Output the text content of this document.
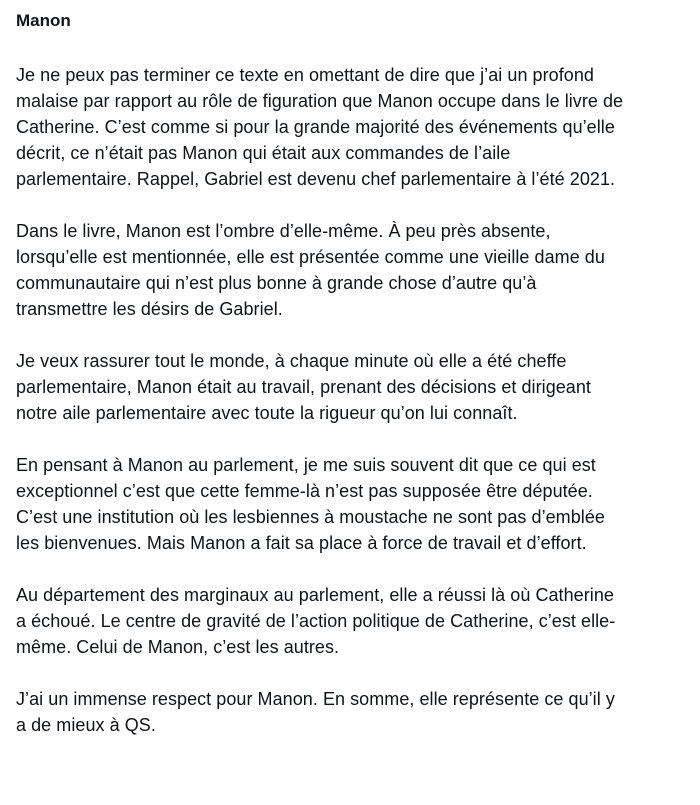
Manon

Je ne peux pas terminer ce texte en omettant de dire que j’ai un profond
malaise par rapport au rôle de figuration que Manon occupe dans le livre de
Catherine. C’est comme si pour la grande majorité des événements qu’elle
décrit, ce n’était pas Manon qui était aux commandes de l’aile
parlementaire. Rappel, Gabriel est devenu chef parlementaire à l’été 2021.

Dans le livre, Manon est l’ombre d’elle-même. À peu près absente,
lorsqu’elle est mentionnée, elle est présentée comme une vieille dame du
communautaire qui n’est plus bonne à grande chose d’autre qu’à
transmettre les désirs de Gabriel.

Je veux rassurer tout le monde, à chaque minute où elle a été cheffe
parlementaire, Manon était au travail, prenant des décisions et dirigeant
notre aile parlementaire avec toute la rigueur qu’on lui connaît.

En pensant à Manon au parlement, je me suis souvent dit que ce qui est
exceptionnel c’est que cette femme-là n’est pas supposée être députée.
C’est une institution où les lesbiennes à moustache ne sont pas d’emblée
les bienvenues. Mais Manon a fait sa place à force de travail et d’effort.

Au département des marginaux au parlement, elle a réussi là où Catherine
a échoué. Le centre de gravité de l’action politique de Catherine, c’est elle-
même. Celui de Manon, c’est les autres.

J’ai un immense respect pour Manon. En somme, elle représente ce qu’il y
a de mieux à QS.
